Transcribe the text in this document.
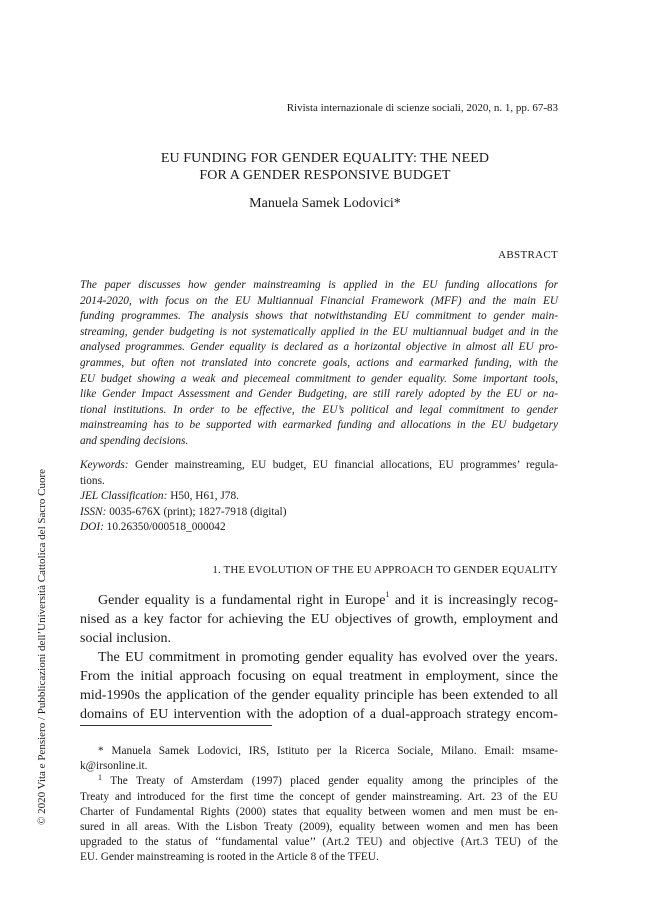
Rivista internazionale di scienze sociali, 2020, n. 1, pp. 67-83
EU FUNDING FOR GENDER EQUALITY: THE NEED
FOR A GENDER RESPONSIVE BUDGET
Manuela Samek Lodovici*
ABSTRACT
The paper discusses how gender mainstreaming is applied in the EU funding allocations for
2014-2020, with focus on the EU Multiannual Financial Framework (MFF) and the main EU
funding programmes. The analysis shows that notwithstanding EU commitment to gender main-
streaming, gender budgeting is not systematically applied in the EU multiannual budget and in the
analysed programmes. Gender equality is declared as a horizontal objective in almost all EU pro-
grammes, but often not translated into concrete goals, actions and earmarked funding, with the
EU budget showing a weak and piecemeal commitment to gender equality. Some important tools,
like Gender Impact Assessment and Gender Budgeting, are still rarely adopted by the EU or na-
tional institutions. In order to be effective, the EU’s political and legal commitment to gender
mainstreaming has to be supported with earmarked funding and allocations in the EU budgetary
and spending decisions.
Keywords: Gender mainstreaming, EU budget, EU financial allocations, EU programmes’ regula-
tions.
JEL Classification: H50, H61, J78.
ISSN: 0035-676X (print); 1827-7918 (digital)
DOI: 10.26350/000518_000042
1. THE EVOLUTION OF THE EU APPROACH TO GENDER EQUALITY
Gender equality is a fundamental right in Europe$^1$ and it is increasingly recog-
nised as a key factor for achieving the EU objectives of growth, employment and
social inclusion.
The EU commitment in promoting gender equality has evolved over the years.
From the initial approach focusing on equal treatment in employment, since the
mid-1990s the application of the gender equality principle has been extended to all
domains of EU intervention with the adoption of a dual-approach strategy encom-
* Manuela Samek Lodovici, IRS, Istituto per la Ricerca Sociale, Milano. Email: msame-
k@irsonline.it.
$^1$ The Treaty of Amsterdam (1997) placed gender equality among the principles of the
Treaty and introduced for the first time the concept of gender mainstreaming. Art. 23 of the EU
Charter of Fundamental Rights (2000) states that equality between women and men must be en-
sured in all areas. With the Lisbon Treaty (2009), equality between women and men has been
upgraded to the status of ‘‘fundamental value’’ (Art.2 TEU) and objective (Art.3 TEU) of the
EU. Gender mainstreaming is rooted in the Article 8 of the TFEU.
© 2020 Vita e Pensiero / Pubblicazioni dell’Università Cattolica del Sacro Cuore
